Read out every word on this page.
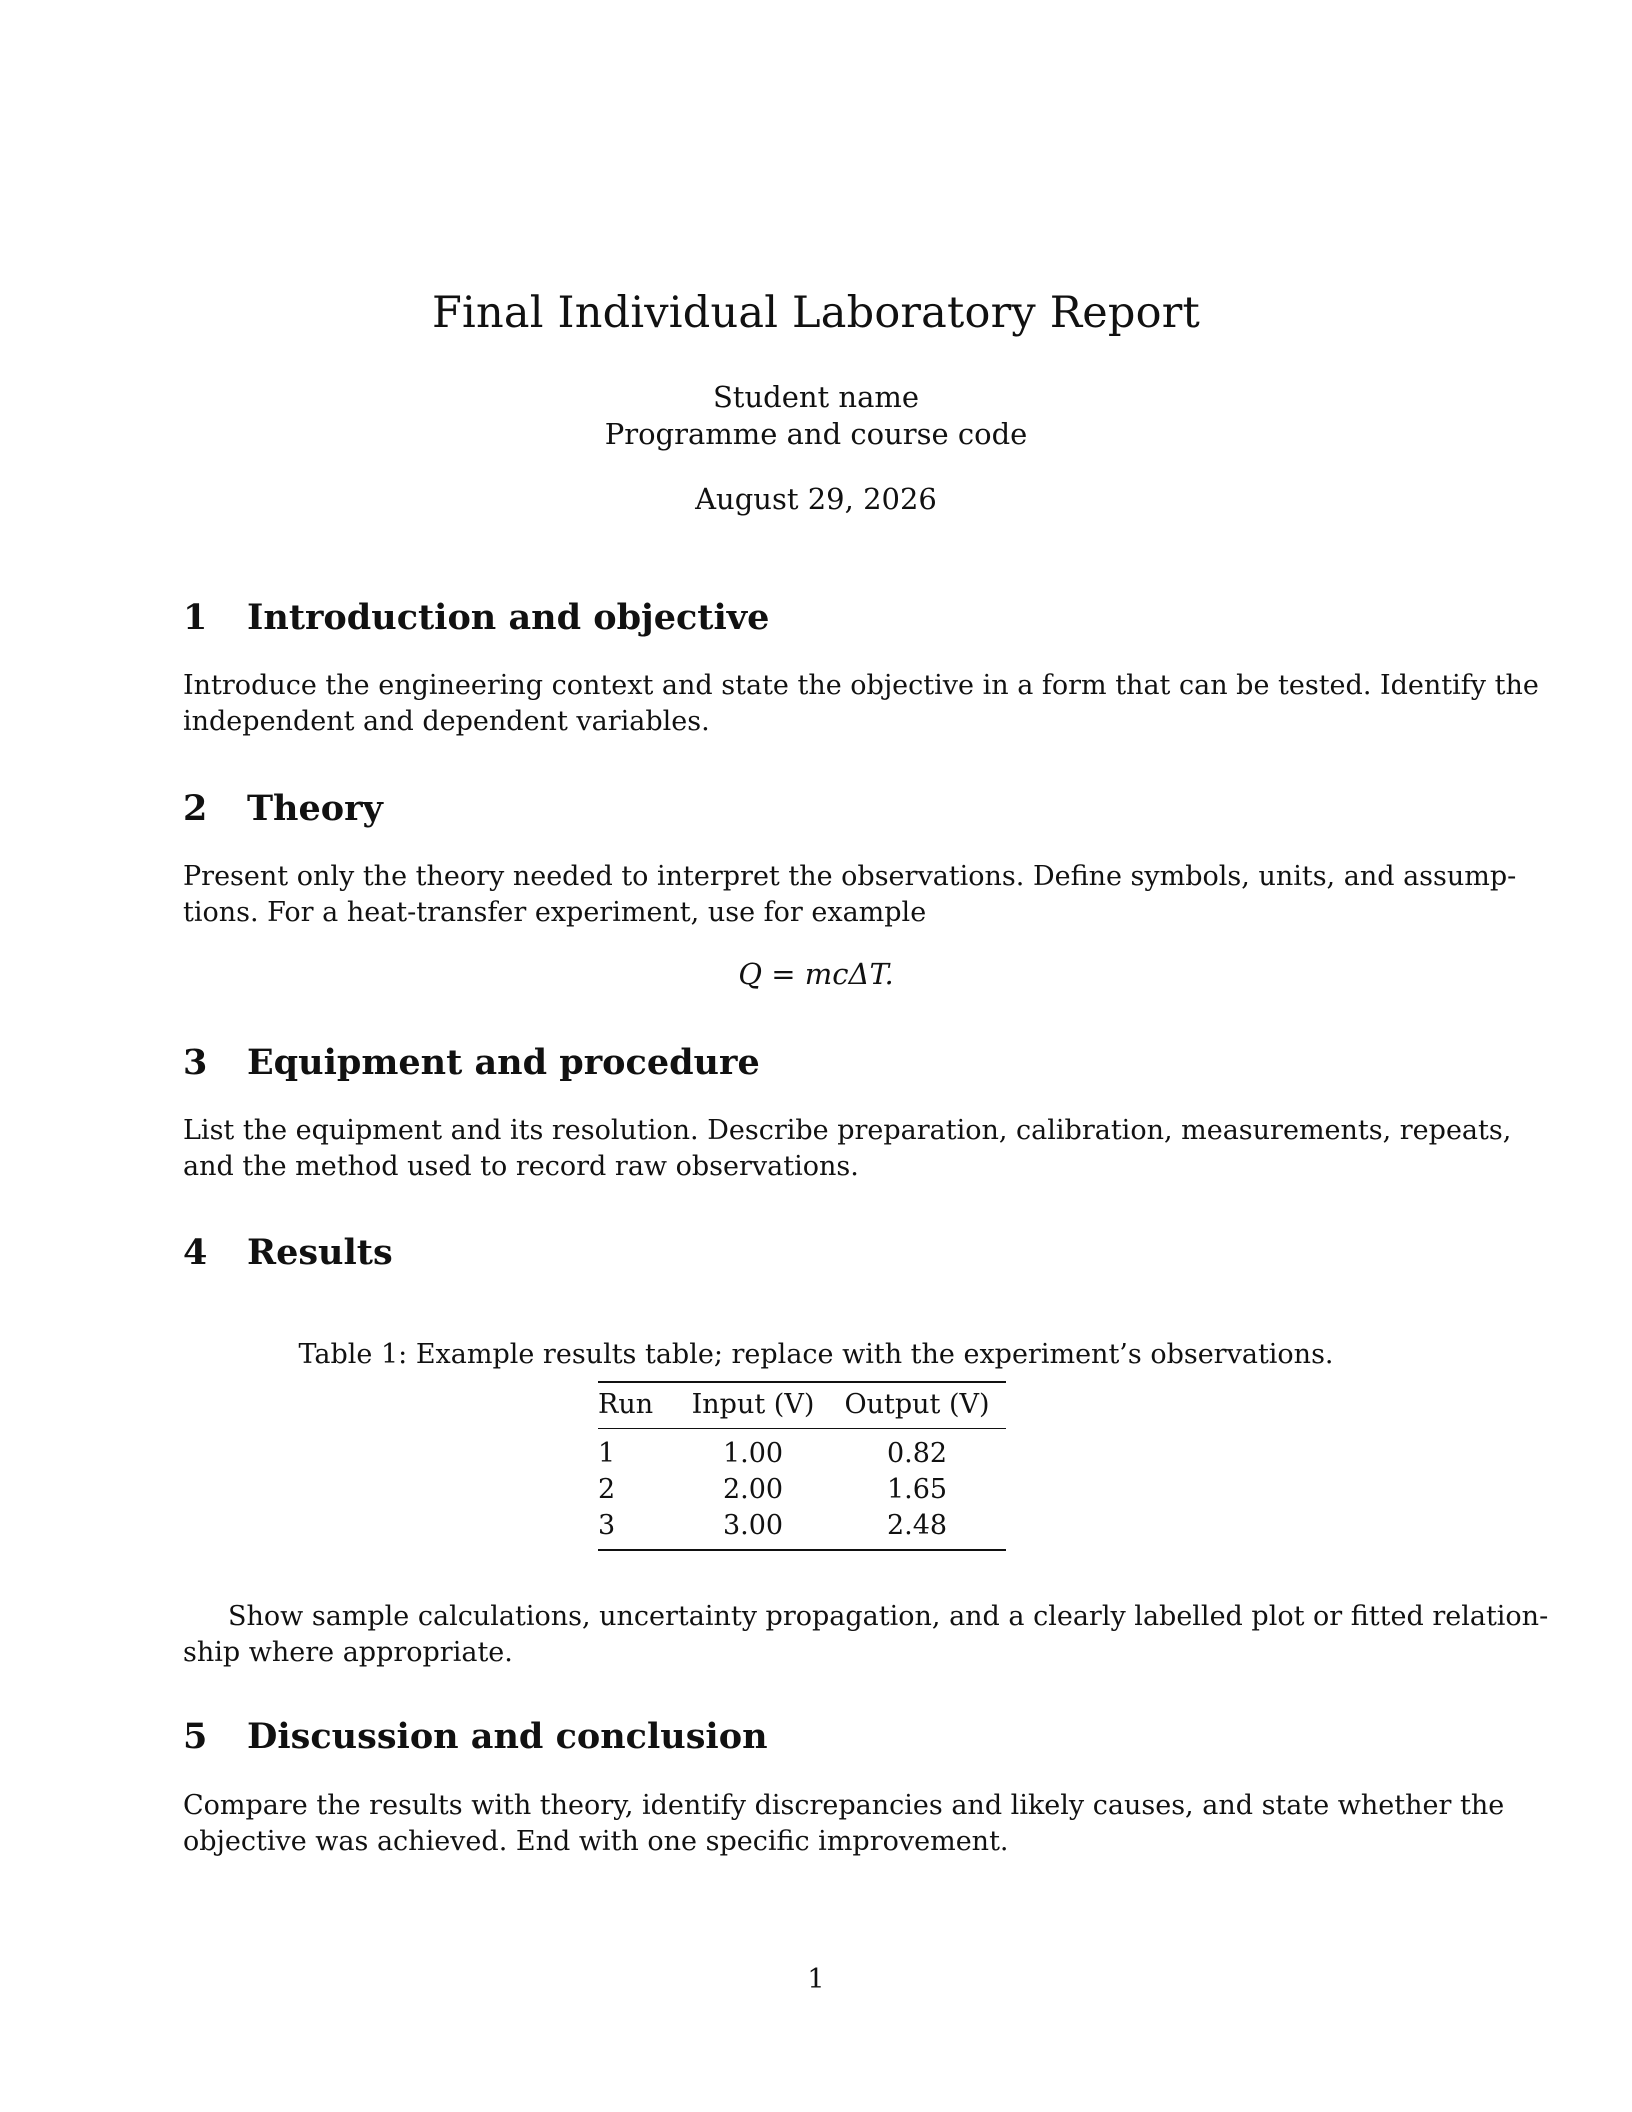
Final Individual Laboratory Report
Student name
Programme and course code
August 29, 2026
1 Introduction and objective

Introduce the engineering context and state the objective in a form that can be tested. Identify the
independent and dependent variables.

2 Theory

Present only the theory needed to interpret the observations. Define symbols, units, and assump-
tions. For a heat-transfer experiment, use for example

Q = mcΔT.
3 Equipment and procedure

List the equipment and its resolution. Describe preparation, calibration, measurements, repeats,
and the method used to record raw observations.

4 Results
Table 1: Example results table; replace with the experiment’s observations.
Run	Input (V)	Output (V)
1	1.00	0.82
2	2.00	1.65
3	3.00	2.48

Show sample calculations, uncertainty propagation, and a clearly labelled plot or fitted relation-
ship where appropriate.

5 Discussion and conclusion

Compare the results with theory, identify discrepancies and likely causes, and state whether the
objective was achieved. End with one specific improvement.

1
